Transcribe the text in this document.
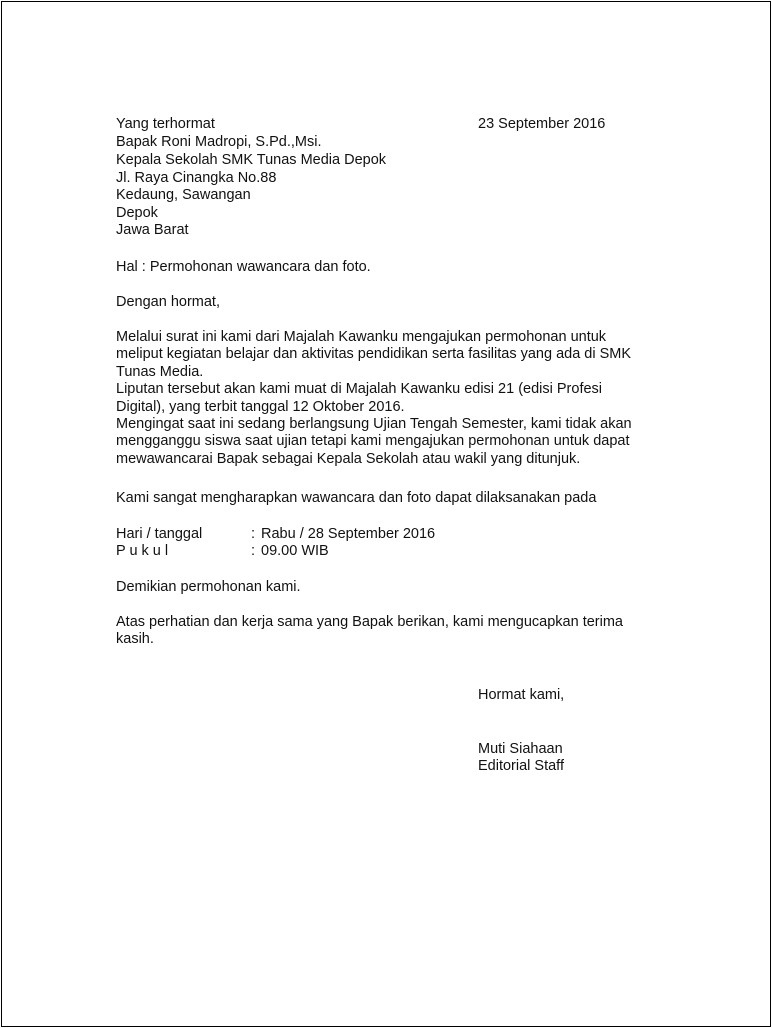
Yang terhormat	23 September 2016
Bapak Roni Madropi, S.Pd.,Msi.
Kepala Sekolah SMK Tunas Media Depok
Jl. Raya Cinangka No.88
Kedaung, Sawangan
Depok
Jawa Barat
Hal : Permohonan wawancara dan foto.
Dengan hormat,

Melalui surat ini kami dari Majalah Kawanku mengajukan permohonan untuk

meliput kegiatan belajar dan aktivitas pendidikan serta fasilitas yang ada di SMK

Tunas Media.

Liputan tersebut akan kami muat di Majalah Kawanku edisi 21 (edisi Profesi

Digital), yang terbit tanggal 12 Oktober 2016.

Mengingat saat ini sedang berlangsung Ujian Tengah Semester, kami tidak akan

mengganggu siswa saat ujian tetapi kami mengajukan permohonan untuk dapat

mewawancarai Bapak sebagai Kepala Sekolah atau wakil yang ditunjuk.

Kami sangat mengharapkan wawancara dan foto dapat dilaksanakan pada
Hari / tanggal	: Rabu / 28 September 2016
P u k u l	: 09.00 WIB
Demikian permohonan kami.

Atas perhatian dan kerja sama yang Bapak berikan, kami mengucapkan terima

kasih.

Hormat kami,
Muti Siahaan
Editorial Staff
